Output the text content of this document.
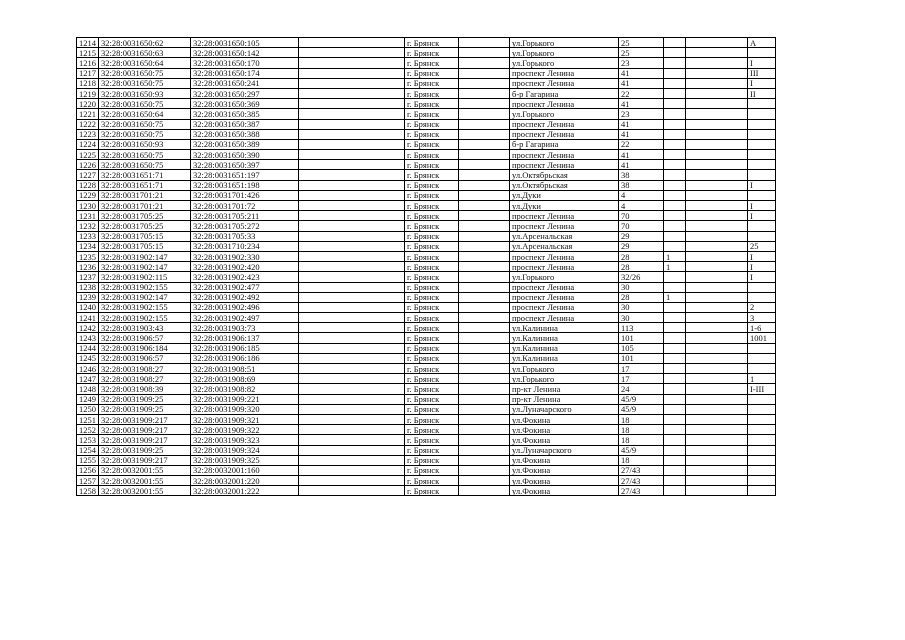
1214	32:28:0031650:62	32:28:0031650:105		г. Брянск		ул.Горького	25			А
1215	32:28:0031650:63	32:28:0031650:142		г. Брянск		ул.Горького	25			
1216	32:28:0031650:64	32:28:0031650:170		г. Брянск		ул.Горького	23			I
1217	32:28:0031650:75	32:28:0031650:174		г. Брянск		проспект Ленина	41			III
1218	32:28:0031650:75	32:28:0031650:241		г. Брянск		проспект Ленина	41			I
1219	32:28:0031650:93	32:28:0031650:297		г. Брянск		б-р Гагарина	22			II
1220	32:28:0031650:75	32:28:0031650:369		г. Брянск		проспект Ленина	41			
1221	32:28:0031650:64	32:28:0031650:385		г. Брянск		ул.Горького	23			
1222	32:28:0031650:75	32:28:0031650:387		г. Брянск		проспект Ленина	41			
1223	32:28:0031650:75	32:28:0031650:388		г. Брянск		проспект Ленина	41			
1224	32:28:0031650:93	32:28:0031650:389		г. Брянск		б-р Гагарина	22			
1225	32:28:0031650:75	32:28:0031650:390		г. Брянск		проспект Ленина	41			
1226	32:28:0031650:75	32:28:0031650:397		г. Брянск		проспект Ленина	41			
1227	32:28:0031651:71	32:28:0031651:197		г. Брянск		ул.Октябрьская	38			
1228	32:28:0031651:71	32:28:0031651:198		г. Брянск		ул.Октябрьская	38			I
1229	32:28:0031701:21	32:28:0031701:426		г. Брянск		ул.Дуки	4			
1230	32:28:0031701:21	32:28:0031701:72		г. Брянск		ул.Дуки	4			I
1231	32:28:0031705:25	32:28:0031705:211		г. Брянск		проспект Ленина	70			I
1232	32:28:0031705:25	32:28:0031705:272		г. Брянск		проспект Ленина	70			
1233	32:28:0031705:15	32:28:0031705:33		г. Брянск		ул.Арсенальская	29			
1234	32:28:0031705:15	32:28:0031710:234		г. Брянск		ул.Арсенальская	29			25
1235	32:28:0031902:147	32:28:0031902:330		г. Брянск		проспект Ленина	28	1		I
1236	32:28:0031902:147	32:28:0031902:420		г. Брянск		проспект Ленина	28	1		I
1237	32:28:0031902:115	32:28:0031902:423		г. Брянск		ул.Горького	32/26			I
1238	32:28:0031902:155	32:28:0031902:477		г. Брянск		проспект Ленина	30			
1239	32:28:0031902:147	32:28:0031902:492		г. Брянск		проспект Ленина	28	1		
1240	32:28:0031902:155	32:28:0031902:496		г. Брянск		проспект Ленина	30			2
1241	32:28:0031902:155	32:28:0031902:497		г. Брянск		проспект Ленина	30			3
1242	32:28:0031903:43	32:28:0031903:73		г. Брянск		ул.Калинина	113			1-6
1243	32:28:0031906:57	32:28:0031906:137		г. Брянск		ул.Калинина	101			1001
1244	32:28:0031906:184	32:28:0031906:185		г. Брянск		ул.Калинина	105			
1245	32:28:0031906:57	32:28:0031906:186		г. Брянск		ул.Калинина	101			
1246	32:28:0031908:27	32:28:0031908:51		г. Брянск		ул.Горького	17			
1247	32:28:0031908:27	32:28:0031908:69		г. Брянск		ул.Горького	17			1
1248	32:28:0031908:39	32:28:0031908:82		г. Брянск		пр-кт Ленина	24			I-III
1249	32:28:0031909:25	32:28:0031909:221		г. Брянск		пр-кт Ленина	45/9			
1250	32:28:0031909:25	32:28:0031909:320		г. Брянск		ул.Луначарского	45/9			
1251	32:28:0031909:217	32:28:0031909:321		г. Брянск		ул.Фокина	18			
1252	32:28:0031909:217	32:28:0031909:322		г. Брянск		ул.Фокина	18			
1253	32:28:0031909:217	32:28:0031909:323		г. Брянск		ул.Фокина	18			
1254	32:28:0031909:25	32:28:0031909:324		г. Брянск		ул.Луначарского	45/9			
1255	32:28:0031909:217	32:28:0031909:325		г. Брянск		ул.Фокина	18			
1256	32:28:0032001:55	32:28:0032001:160		г. Брянск		ул.Фокина	27/43			
1257	32:28:0032001:55	32:28:0032001:220		г. Брянск		ул.Фокина	27/43			
1258	32:28:0032001:55	32:28:0032001:222		г. Брянск		ул.Фокина	27/43			
